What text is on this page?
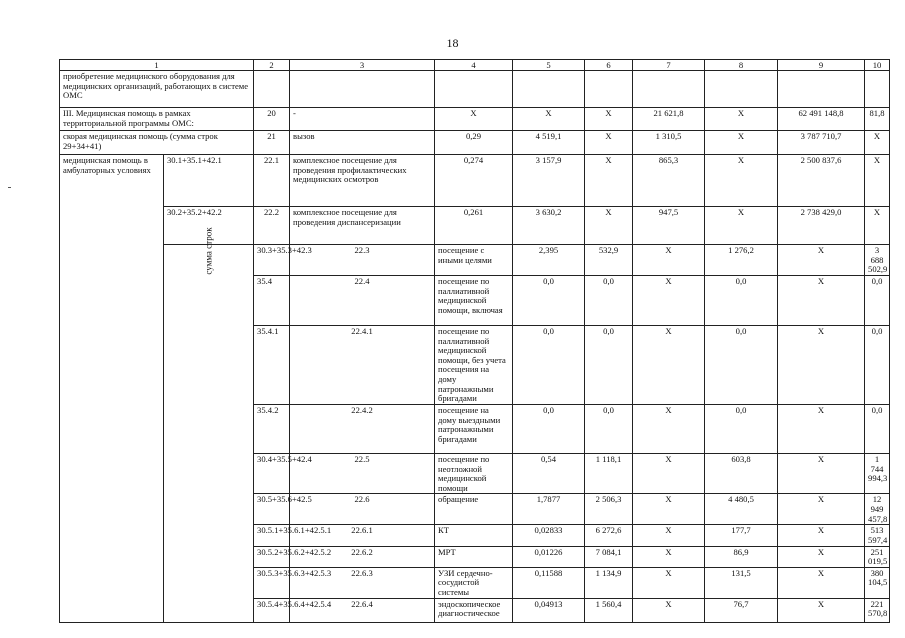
18
1		2	3	4	5	6	7	8	9	10	
приобретение медицинского оборудования для медицинских организаций, работающих в системе ОМС											
III. Медицинская помощь в рамках территориальной программы ОМС:		20	-	X	X	X	21 621,8	X	62 491 148,8	81,8	
скорая медицинская помощь (сумма строк 29+34+41)		21	вызов	0,29	4 519,1	X	1 310,5	X	3 787 710,7	X	
медицинская помощь в амбулаторных условиях	30.1+35.1+42.1	22.1	комплексное посещение для проведения профилактических медицинских осмотров	0,274	3 157,9	X	865,3	X	2 500 837,6	X	
	30.2+35.2+42.2	22.2	комплексное посещение для проведения диспансеризации	0,261	3 630,2	X	947,5	X	2 738 429,0	X	
	сумма строк	30.3+35.3+42.3	22.3	посещение с иными целями	2,395	532,9	X	1 276,2	X	3 688 502,9	
		35.4	22.4	посещение по паллиативной медицинской помощи, включая	0,0	0,0	X	0,0	X	0,0	
		35.4.1	22.4.1	посещение по паллиативной медицинской помощи, без учета посещения на дому патронажными бригадами	0,0	0,0	X	0,0	X	0,0	
		35.4.2	22.4.2	посещение на дому выездными патронажными бригадами	0,0	0,0	X	0,0	X	0,0	
		30.4+35.5+42.4	22.5	посещение по неотложной медицинской помощи	0,54	1 118,1	X	603,8	X	1 744 994,3	
		30.5+35.6+42.5	22.6	обращение	1,7877	2 506,3	X	4 480,5	X	12 949 457,8	
		30.5.1+35.6.1+42.5.1	22.6.1	КТ	0,02833	6 272,6	X	177,7	X	513 597,4	
		30.5.2+35.6.2+42.5.2	22.6.2	МРТ	0,01226	7 084,1	X	86,9	X	251 019,5	
		30.5.3+35.6.3+42.5.3	22.6.3	УЗИ сердечно-сосудистой системы	0,11588	1 134,9	X	131,5	X	380 104,5	
		30.5.4+35.6.4+42.5.4	22.6.4	эндоскопическое диагностическое	0,04913	1 560,4	X	76,7	X	221 570,8	
